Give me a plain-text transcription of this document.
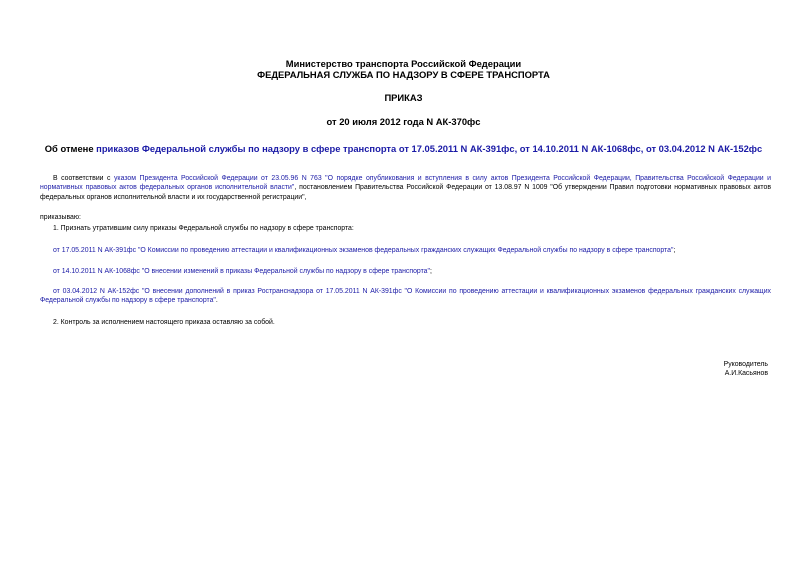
Министерство транспорта Российской Федерации
ФЕДЕРАЛЬНАЯ СЛУЖБА ПО НАДЗОРУ В СФЕРЕ ТРАНСПОРТА
ПРИКАЗ
от 20 июля 2012 года N АК-370фс
Об отмене приказов Федеральной службы по надзору в сфере транспорта от 17.05.2011 N АК-391фс, от 14.10.2011 N АК-1068фс, от 03.04.2012 N АК-152фс
В соответствии с указом Президента Российской Федерации от 23.05.96 N 763 "О порядке опубликования и вступления в силу актов Президента Российской Федерации, Правительства Российской Федерации и нормативных правовых актов федеральных органов исполнительной власти", постановлением Правительства Российской Федерации от 13.08.97 N 1009 "Об утверждении Правил подготовки нормативных правовых актов федеральных органов исполнительной власти и их государственной регистрации",
приказываю:
1. Признать утратившим силу приказы Федеральной службы по надзору в сфере транспорта:
от 17.05.2011 N АК-391фс "О Комиссии по проведению аттестации и квалификационных экзаменов федеральных гражданских служащих Федеральной службы по надзору в сфере транспорта";
от 14.10.2011 N АК-1068фс "О внесении изменений в приказы Федеральной службы по надзору в сфере транспорта";
от 03.04.2012 N АК-152фс "О внесении дополнений в приказ Ространснадзора от 17.05.2011 N АК-391фс "О Комиссии по проведению аттестации и квалификационных экзаменов федеральных гражданских служащих Федеральной службы по надзору в сфере транспорта".
2. Контроль за исполнением настоящего приказа оставляю за собой.
Руководитель
А.И.Касьянов
